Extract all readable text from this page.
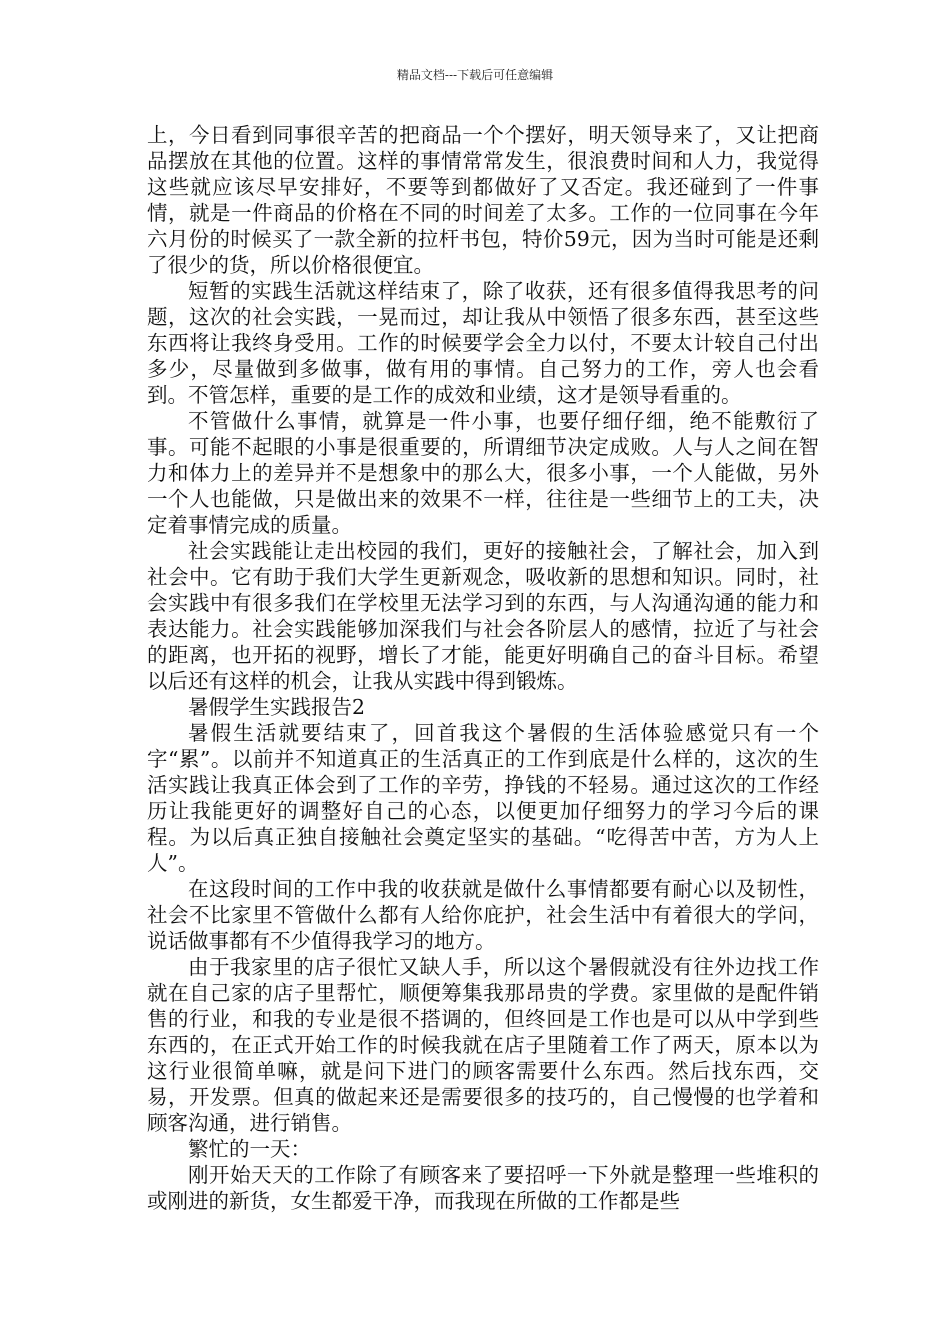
精品文档---下载后可任意编辑

上，今日看到同事很辛苦的把商品一个个摆好，明天领导来了，又让把商品摆放在其他的位置。这样的事情常常发生，很浪费时间和人力，我觉得这些就应该尽早安排好，不要等到都做好了又否定。我还碰到了一件事情，就是一件商品的价格在不同的时间差了太多。工作的一位同事在今年六月份的时候买了一款全新的拉杆书包，特价59元，因为当时可能是还剩了很少的货，所以价格很便宜。

短暂的实践生活就这样结束了，除了收获，还有很多值得我思考的问题，这次的社会实践，一晃而过，却让我从中领悟了很多东西，甚至这些东西将让我终身受用。工作的时候要学会全力以付，不要太计较自己付出多少，尽量做到多做事，做有用的事情。自己努力的工作，旁人也会看到。不管怎样，重要的是工作的成效和业绩，这才是领导看重的。

不管做什么事情，就算是一件小事，也要仔细仔细，绝不能敷衍了事。可能不起眼的小事是很重要的，所谓细节决定成败。人与人之间在智力和体力上的差异并不是想象中的那么大，很多小事，一个人能做，另外一个人也能做，只是做出来的效果不一样，往往是一些细节上的工夫，决定着事情完成的质量。

社会实践能让走出校园的我们，更好的接触社会，了解社会，加入到社会中。它有助于我们大学生更新观念，吸收新的思想和知识。同时，社会实践中有很多我们在学校里无法学习到的东西，与人沟通沟通的能力和表达能力。社会实践能够加深我们与社会各阶层人的感情，拉近了与社会的距离，也开拓的视野，增长了才能，能更好明确自己的奋斗目标。希望以后还有这样的机会，让我从实践中得到锻炼。

暑假学生实践报告2

暑假生活就要结束了，回首我这个暑假的生活体验感觉只有一个字“累”。以前并不知道真正的生活真正的工作到底是什么样的，这次的生活实践让我真正体会到了工作的辛劳，挣钱的不轻易。通过这次的工作经历让我能更好的调整好自己的心态，以便更加仔细努力的学习今后的课程。为以后真正独自接触社会奠定坚实的基础。“吃得苦中苦，方为人上人”。

在这段时间的工作中我的收获就是做什么事情都要有耐心以及韧性，社会不比家里不管做什么都有人给你庇护，社会生活中有着很大的学问，说话做事都有不少值得我学习的地方。

由于我家里的店子很忙又缺人手，所以这个暑假就没有往外边找工作就在自己家的店子里帮忙，顺便筹集我那昂贵的学费。家里做的是配件销售的行业，和我的专业是很不搭调的，但终回是工作也是可以从中学到些东西的，在正式开始工作的时候我就在店子里随着工作了两天，原本以为这行业很简单嘛，就是问下进门的顾客需要什么东西。然后找东西，交易，开发票。但真的做起来还是需要很多的技巧的，自己慢慢的也学着和顾客沟通，进行销售。

繁忙的一天：

刚开始天天的工作除了有顾客来了要招呼一下外就是整理一些堆积的或刚进的新货，女生都爱干净，而我现在所做的工作都是些
